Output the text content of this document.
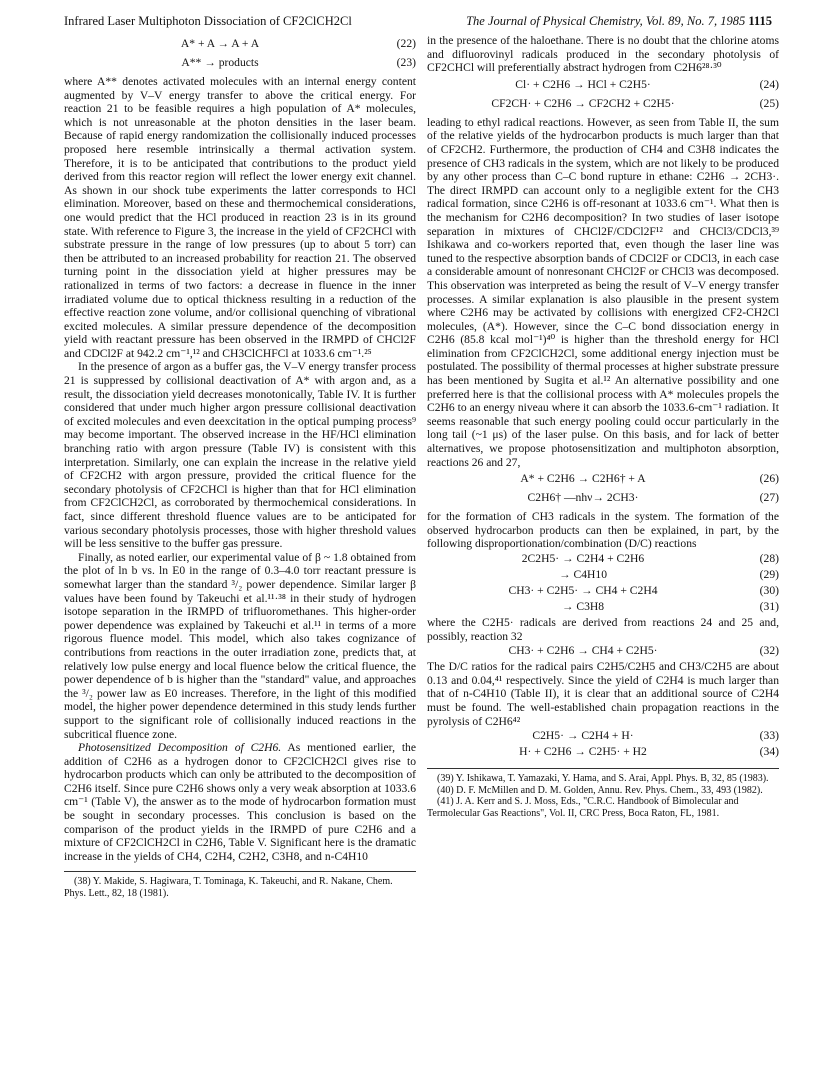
Infrared Laser Multiphoton Dissociation of CF2ClCH2Cl	The Journal of Physical Chemistry, Vol. 89, No. 7, 1985 1115
A* + A → A + A	(22)
A** → products	(23)

where A** denotes activated molecules with an internal energy content augmented by V–V energy transfer to above the critical energy. For reaction 21 to be feasible requires a high population of A* molecules, which is not unreasonable at the photon densities in the laser beam. Because of rapid energy randomization the collisionally induced processes proposed here resemble intrinsically a thermal activation system. Therefore, it is to be anticipated that contributions to the product yield derived from this reactor region will reflect the lower energy exit channel. As shown in our shock tube experiments the latter corresponds to HCl elimination. Moreover, based on these and thermochemical considerations, one would predict that the HCl produced in reaction 23 is in its ground state. With reference to Figure 3, the increase in the yield of CF2CHCl with substrate pressure in the range of low pressures (up to about 5 torr) can then be attributed to an increased probability for reaction 21. The observed turning point in the dissociation yield at higher pressures may be rationalized in terms of two factors: a decrease in fluence in the inner irradiated volume due to optical thickness resulting in a reduction of the effective reaction zone volume, and/or collisional quenching of vibrational excited molecules. A similar pressure dependence of the decomposition yield with reactant pressure has been observed in the IRMPD of CHCl2F and CDCl2F at 942.2 cm⁻¹,¹² and CH3ClCHFCl at 1033.6 cm⁻¹.²⁵

In the presence of argon as a buffer gas, the V–V energy transfer process 21 is suppressed by collisional deactivation of A* with argon and, as a result, the dissociation yield decreases monotonically, Table IV. It is further considered that under much higher argon pressure collisional deactivation of excited molecules and even deexcitation in the optical pumping process⁹ may become important. The observed increase in the HF/HCl elimination branching ratio with argon pressure (Table IV) is consistent with this interpretation. Similarly, one can explain the increase in the relative yield of CF2CH2 with argon pressure, provided the critical fluence for the secondary photolysis of CF2CHCl is higher than that for HCl elimination from CF2ClCH2Cl, as corroborated by thermochemical considerations. In fact, since different threshold fluence values are to be anticipated for various secondary photolysis processes, those with higher threshold values will be less sensitive to the buffer gas pressure.

Finally, as noted earlier, our experimental value of β ~ 1.8 obtained from the plot of ln b vs. ln E0 in the range of 0.3–4.0 torr reactant pressure is somewhat larger than the standard ³/₂ power dependence. Similar larger β values have been found by Takeuchi et al.¹¹·³⁸ in their study of hydrogen isotope separation in the IRMPD of trifluoromethanes. This higher-order power dependence was explained by Takeuchi et al.¹¹ in terms of a more rigorous fluence model. This model, which also takes cognizance of contributions from reactions in the outer irradiation zone, predicts that, at relatively low pulse energy and local fluence below the critical fluence, the power dependence of b is higher than the "standard" value, and approaches the ³/₂ power law as E0 increases. Therefore, in the light of this modified model, the higher power dependence determined in this study lends further support to the significant role of collisionally induced reactions in the subcritical fluence zone.

Photosensitized Decomposition of C2H6. As mentioned earlier, the addition of C2H6 as a hydrogen donor to CF2ClCH2Cl gives rise to hydrocarbon products which can only be attributed to the decomposition of C2H6 itself. Since pure C2H6 shows only a very weak absorption at 1033.6 cm⁻¹ (Table V), the answer as to the mode of hydrocarbon formation must be sought in secondary processes. This conclusion is based on the comparison of the product yields in the IRMPD of pure C2H6 and a mixture of CF2ClCH2Cl in C2H6, Table V. Significant here is the dramatic increase in the yields of CH4, C2H4, C2H2, C3H8, and n-C4H10

(38) Y. Makide, S. Hagiwara, T. Tominaga, K. Takeuchi, and R. Nakane, Chem. Phys. Lett., 82, 18 (1981).

in the presence of the haloethane. There is no doubt that the chlorine atoms and difluorovinyl radicals produced in the secondary photolysis of CF2CHCl will preferentially abstract hydrogen from C2H6²⁸·³⁰

Cl· + C2H6 → HCl + C2H5·	(24)
CF2CH· + C2H6 → CF2CH2 + C2H5·	(25)

leading to ethyl radical reactions. However, as seen from Table II, the sum of the relative yields of the hydrocarbon products is much larger than that of CF2CH2. Furthermore, the production of CH4 and C3H8 indicates the presence of CH3 radicals in the system, which are not likely to be produced by any other process than C–C bond rupture in ethane: C2H6 → 2CH3·. The direct IRMPD can account only to a negligible extent for the CH3 radical formation, since C2H6 is off-resonant at 1033.6 cm⁻¹. What then is the mechanism for C2H6 decomposition? In two studies of laser isotope separation in mixtures of CHCl2F/CDCl2F¹² and CHCl3/CDCl3,³⁹ Ishikawa and co-workers reported that, even though the laser line was tuned to the respective absorption bands of CDCl2F or CDCl3, in each case a considerable amount of nonresonant CHCl2F or CHCl3 was decomposed. This observation was interpreted as being the result of V–V energy transfer processes. A similar explanation is also plausible in the present system where C2H6 may be activated by collisions with energized CF2-CH2Cl molecules, (A*). However, since the C–C bond dissociation energy in C2H6 (85.8 kcal mol⁻¹)⁴⁰ is higher than the threshold energy for HCl elimination from CF2ClCH2Cl, some additional energy injection must be postulated. The possibility of thermal processes at higher substrate pressure has been mentioned by Sugita et al.¹² An alternative possibility and one preferred here is that the collisional process with A* molecules propels the C2H6 to an energy niveau where it can absorb the 1033.6-cm⁻¹ radiation. It seems reasonable that such energy pooling could occur particularly in the long tail (~1 μs) of the laser pulse. On this basis, and for lack of better alternatives, we propose photosensitization and multiphoton absorption, reactions 26 and 27,

A* + C2H6 → C2H6† + A	(26)
C2H6† —nhν→ 2CH3·	(27)

for the formation of CH3 radicals in the system. The formation of the observed hydrocarbon products can then be explained, in part, by the following disproportionation/combination (D/C) reactions

2C2H5· → C2H4 + C2H6	(28)
→ C4H10	(29)
CH3· + C2H5· → CH4 + C2H4	(30)
→ C3H8	(31)

where the C2H5· radicals are derived from reactions 24 and 25 and, possibly, reaction 32

CH3· + C2H6 → CH4 + C2H5·	(32)

The D/C ratios for the radical pairs C2H5/C2H5 and CH3/C2H5 are about 0.13 and 0.04,⁴¹ respectively. Since the yield of C2H4 is much larger than that of n-C4H10 (Table II), it is clear that an additional source of C2H4 must be found. The well-established chain propagation reactions in the pyrolysis of C2H6⁴²

C2H5· → C2H4 + H·	(33)
H· + C2H6 → C2H5· + H2	(34)
(39) Y. Ishikawa, T. Yamazaki, Y. Hama, and S. Arai, Appl. Phys. B, 32, 85 (1983).
(40) D. F. McMillen and D. M. Golden, Annu. Rev. Phys. Chem., 33, 493 (1982).
(41) J. A. Kerr and S. J. Moss, Eds., "C.R.C. Handbook of Bimolecular and Termolecular Gas Reactions", Vol. II, CRC Press, Boca Raton, FL, 1981.
